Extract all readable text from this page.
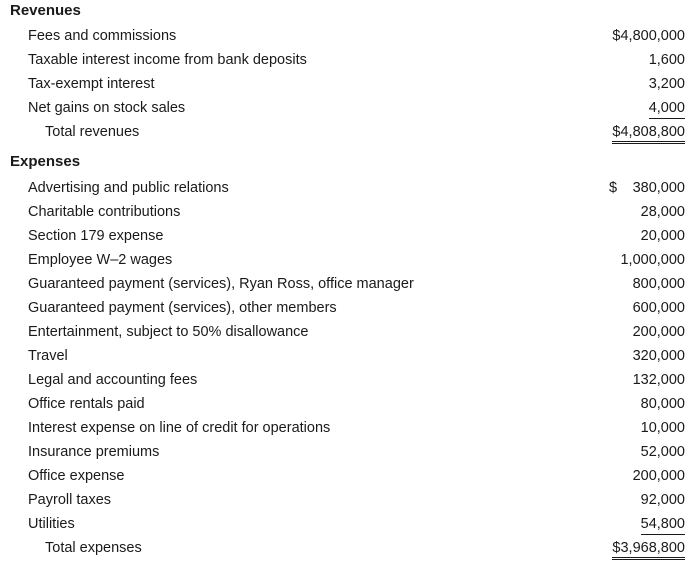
Revenues
Fees and commissions	$4,800,000
Taxable interest income from bank deposits	1,600
Tax-exempt interest	3,200
Net gains on stock sales	4,000
Total revenues	$4,808,800
Expenses
Advertising and public relations	$ 380,000
Charitable contributions	28,000
Section 179 expense	20,000
Employee W–2 wages	1,000,000
Guaranteed payment (services), Ryan Ross, office manager	800,000
Guaranteed payment (services), other members	600,000
Entertainment, subject to 50% disallowance	200,000
Travel	320,000
Legal and accounting fees	132,000
Office rentals paid	80,000
Interest expense on line of credit for operations	10,000
Insurance premiums	52,000
Office expense	200,000
Payroll taxes	92,000
Utilities	54,800
Total expenses	$3,968,800
